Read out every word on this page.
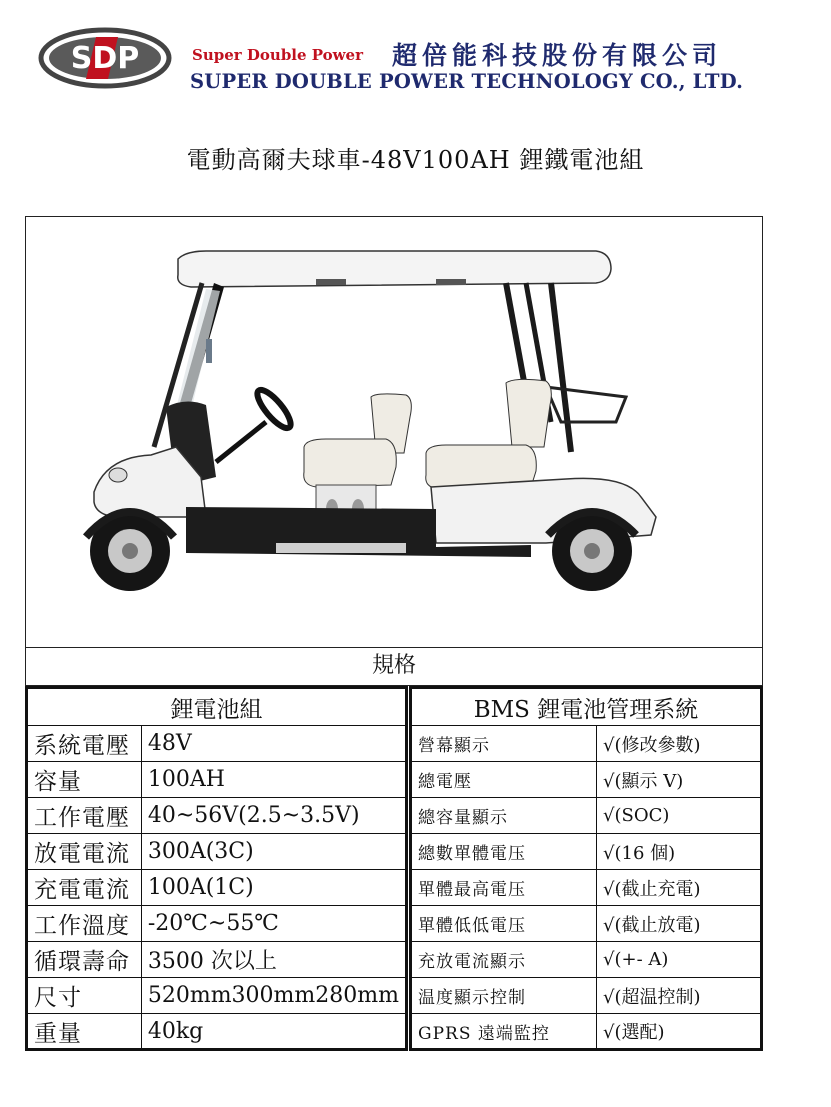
SDP	Super Double Power 超倍能科技股份有限公司
SUPER DOUBLE POWER TECHNOLOGY CO., LTD.
電動高爾夫球車-48V100AH 鋰鐵電池組
規格
鋰電池組	
系統電壓	48V
容量	100AH
工作電壓	40~56V(2.5~3.5V)
放電電流	300A(3C)
充電電流	100A(1C)
工作溫度	-20℃~55℃
循環壽命	3500 次以上
尺寸	520mm300mm280mm
重量	40kg
BMS 鋰電池管理系統	
營幕顯示	√(修改參數)
總電壓	√(顯示 V)
總容量顯示	√(SOC)
總數單體電压	√(16 個)
單體最高電压	√(截止充電)
單體低低電压	√(截止放電)
充放電流顯示	√(+- A)
温度顯示控制	√(超温控制)
GPRS 遠端監控	√(選配)
